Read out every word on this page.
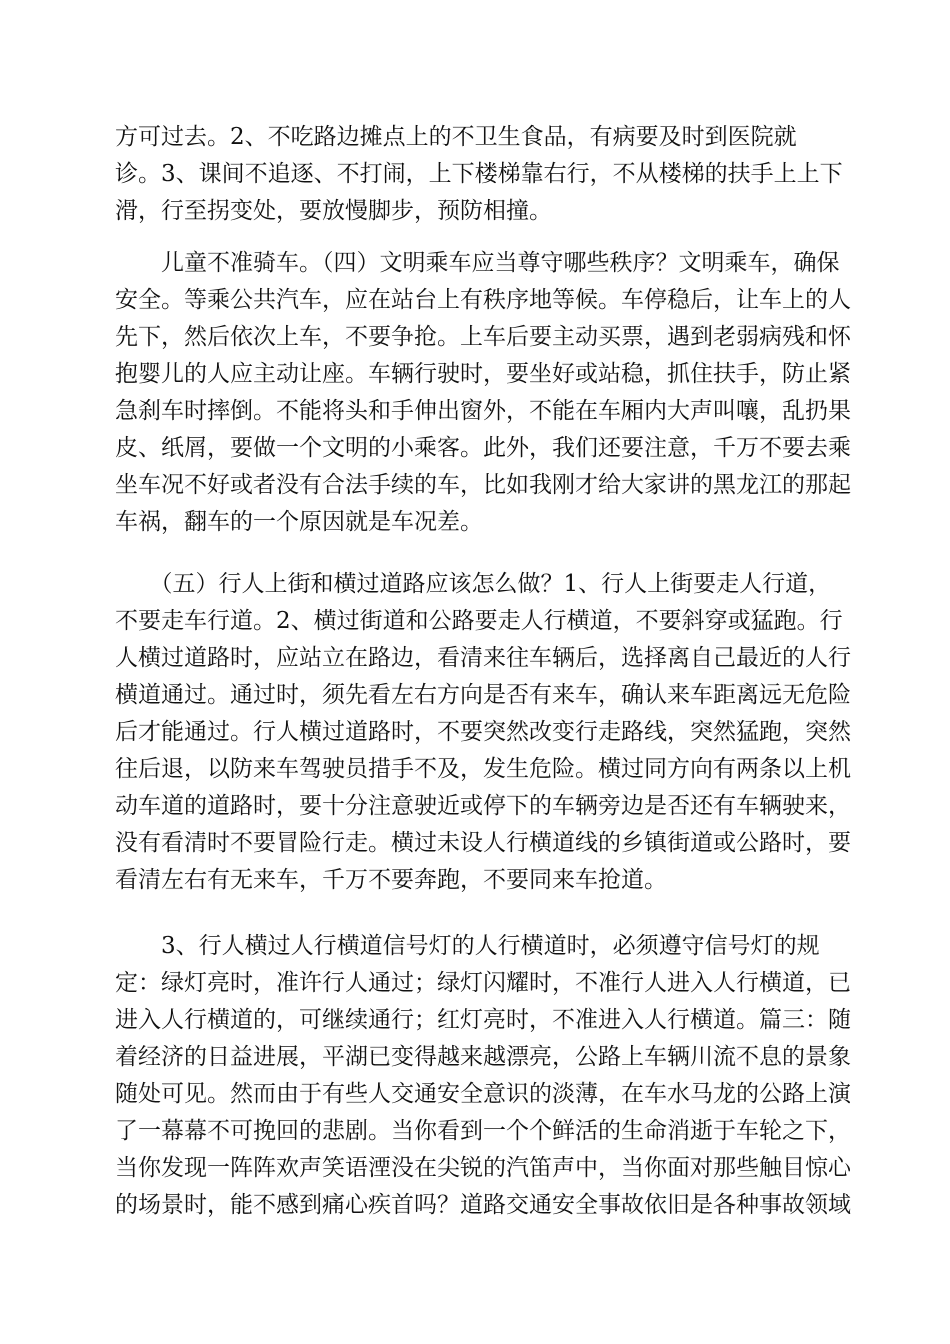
方可过去。2、不吃路边摊点上的不卫生食品，有病要及时到医院就
诊。3、课间不追逐、不打闹，上下楼梯靠右行，不从楼梯的扶手上上下
滑，行至拐变处，要放慢脚步，预防相撞。
　　儿童不准骑车。（四）文明乘车应当尊守哪些秩序？文明乘车，确保
安全。等乘公共汽车，应在站台上有秩序地等候。车停稳后，让车上的人
先下，然后依次上车，不要争抢。上车后要主动买票，遇到老弱病残和怀
抱婴儿的人应主动让座。车辆行驶时，要坐好或站稳，抓住扶手，防止紧
急刹车时摔倒。不能将头和手伸出窗外，不能在车厢内大声叫嚷，乱扔果
皮、纸屑，要做一个文明的小乘客。此外，我们还要注意，千万不要去乘
坐车况不好或者没有合法手续的车，比如我刚才给大家讲的黑龙江的那起
车祸，翻车的一个原因就是车况差。
　　（五）行人上街和横过道路应该怎么做？1、行人上街要走人行道，
不要走车行道。2、横过街道和公路要走人行横道，不要斜穿或猛跑。行
人横过道路时，应站立在路边，看清来往车辆后，选择离自己最近的人行
横道通过。通过时，须先看左右方向是否有来车，确认来车距离远无危险
后才能通过。行人横过道路时，不要突然改变行走路线，突然猛跑，突然
往后退，以防来车驾驶员措手不及，发生危险。横过同方向有两条以上机
动车道的道路时，要十分注意驶近或停下的车辆旁边是否还有车辆驶来，
没有看清时不要冒险行走。横过未设人行横道线的乡镇街道或公路时，要
看清左右有无来车，千万不要奔跑，不要同来车抢道。
　　3、行人横过人行横道信号灯的人行横道时，必须遵守信号灯的规
定：绿灯亮时，准许行人通过；绿灯闪耀时，不准行人进入人行横道，已
进入人行横道的，可继续通行；红灯亮时，不准进入人行横道。篇三：随
着经济的日益进展，平湖已变得越来越漂亮，公路上车辆川流不息的景象
随处可见。然而由于有些人交通安全意识的淡薄，在车水马龙的公路上演
了一幕幕不可挽回的悲剧。当你看到一个个鲜活的生命消逝于车轮之下，
当你发现一阵阵欢声笑语湮没在尖锐的汽笛声中，当你面对那些触目惊心
的场景时，能不感到痛心疾首吗？道路交通安全事故依旧是各种事故领域
